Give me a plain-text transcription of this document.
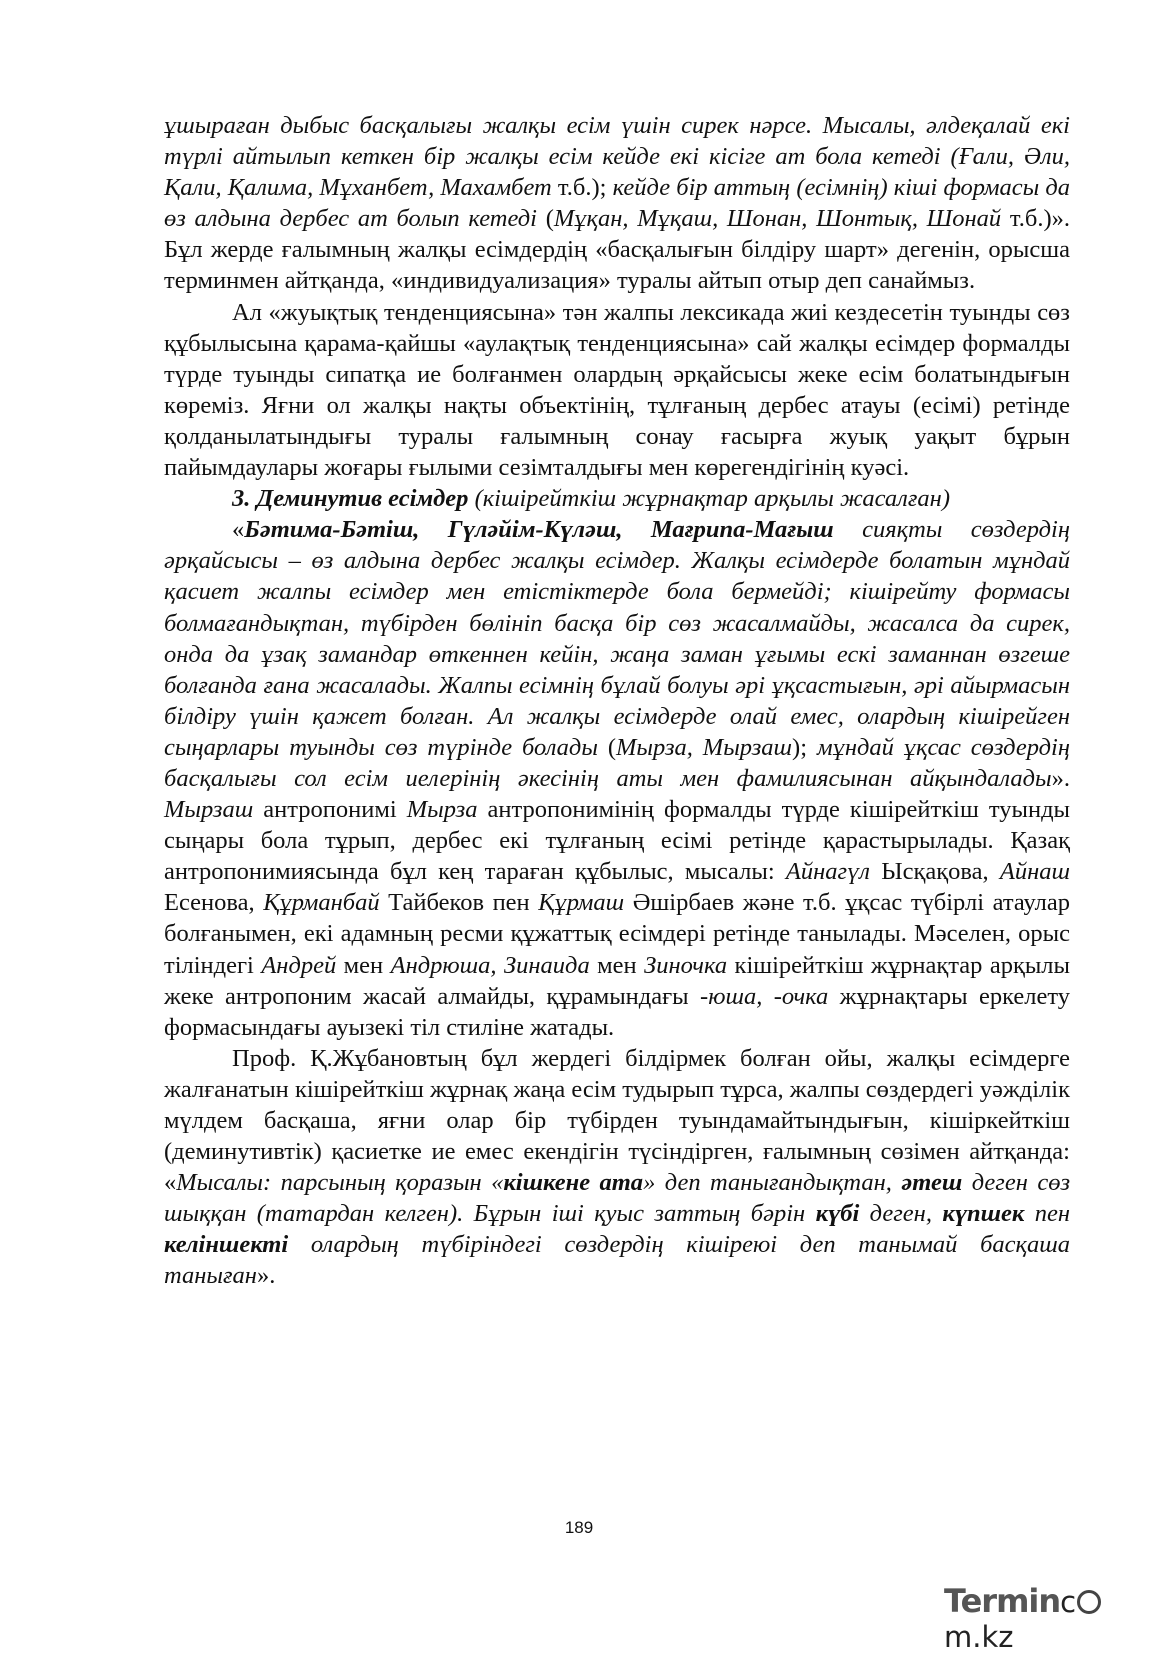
ұшыраған дыбыс басқалығы жалқы есім үшін сирек нәрсе. Мысалы, әлдеқалай екі түрлі айтылып кеткен бір жалқы есім кейде екі кісіге ат бола кетеді (Ғали, Әли, Қали, Қалима, Мұханбет, Махамбет т.б.); кейде бір аттың (есімнің) кіші формасы да өз алдына дербес ат болып кетеді (Мұқан, Мұқаш, Шонан, Шонтық, Шонай т.б.)». Бұл жерде ғалымның жалқы есімдердің «басқалығын білдіру шарт» дегенін, орысша терминмен айтқанда, «индивидуализация» туралы айтып отыр деп санаймыз.

Ал «жуықтық тенденциясына» тән жалпы лексикада жиі кездесетін туынды сөз құбылысына қарама-қайшы «аулақтық тенденциясына» сай жалқы есімдер формалды түрде туынды сипатқа ие болғанмен олардың әрқайсысы жеке есім болатындығын көреміз. Яғни ол жалқы нақты объектінің, тұлғаның дербес атауы (есімі) ретінде қолданылатындығы туралы ғалымның сонау ғасырға жуық уақыт бұрын пайымдаулары жоғары ғылыми сезімталдығы мен көрегендігінің куәсі.

3. Деминутив есімдер (кішірейткіш жұрнақтар арқылы жасалған)

«Бәтима-Бәтіш, Гүләйім-Күләш, Мағрипа-Мағыш сияқты сөздердің әрқайсысы – өз алдына дербес жалқы есімдер. Жалқы есімдерде болатын мұндай қасиет жалпы есімдер мен етістіктерде бола бермейді; кішірейту формасы болмағандықтан, түбірден бөлініп басқа бір сөз жасалмайды, жасалса да сирек, онда да ұзақ замандар өткеннен кейін, жаңа заман ұғымы ескі заманнан өзгеше болғанда ғана жасалады. Жалпы есімнің бұлай болуы әрі ұқсастығын, әрі айырмасын білдіру үшін қажет болған. Ал жалқы есімдерде олай емес, олардың кішірейген сыңарлары туынды сөз түрінде болады (Мырза, Мырзаш); мұндай ұқсас сөздердің басқалығы сол есім иелерінің әкесінің аты мен фамилиясынан айқындалады». Мырзаш антропонимі Мырза антропонимінің формалды түрде кішірейткіш туынды сыңары бола тұрып, дербес екі тұлғаның есімі ретінде қарастырылады. Қазақ антропонимиясында бұл кең тараған құбылыс, мысалы: Айнагүл Ысқақова, Айнаш Есенова, Құрманбай Тайбеков пен Құрмаш Әшірбаев және т.б. ұқсас түбірлі атаулар болғанымен, екі адамның ресми құжаттық есімдері ретінде танылады. Мәселен, орыс тіліндегі Андрей мен Андрюша, Зинаида мен Зиночка кішірейткіш жұрнақтар арқылы жеке антропоним жасай алмайды, құрамындағы -юша, -очка жұрнақтары еркелету формасындағы ауызекі тіл стиліне жатады.

Проф. Қ.Жұбановтың бұл жердегі білдірмек болған ойы, жалқы есімдерге жалғанатын кішірейткіш жұрнақ жаңа есім тудырып тұрса, жалпы сөздердегі уәжділік мүлдем басқаша, яғни олар бір түбірден туындамайтындығын, кішіркейткіш (деминутивтік) қасиетке ие емес екендігін түсіндірген, ғалымның сөзімен айтқанда: «Мысалы: парсының қоразын «кішкене ата» деп танығандықтан, әтеш деген сөз шыққан (татардан келген). Бұрын іші қуыс заттың бәрін күбі деген, күпшек пен келіншекті олардың түбіріндегі сөздердің кішіреюі деп танымай басқаша таныған».

189
Termincm.kz
